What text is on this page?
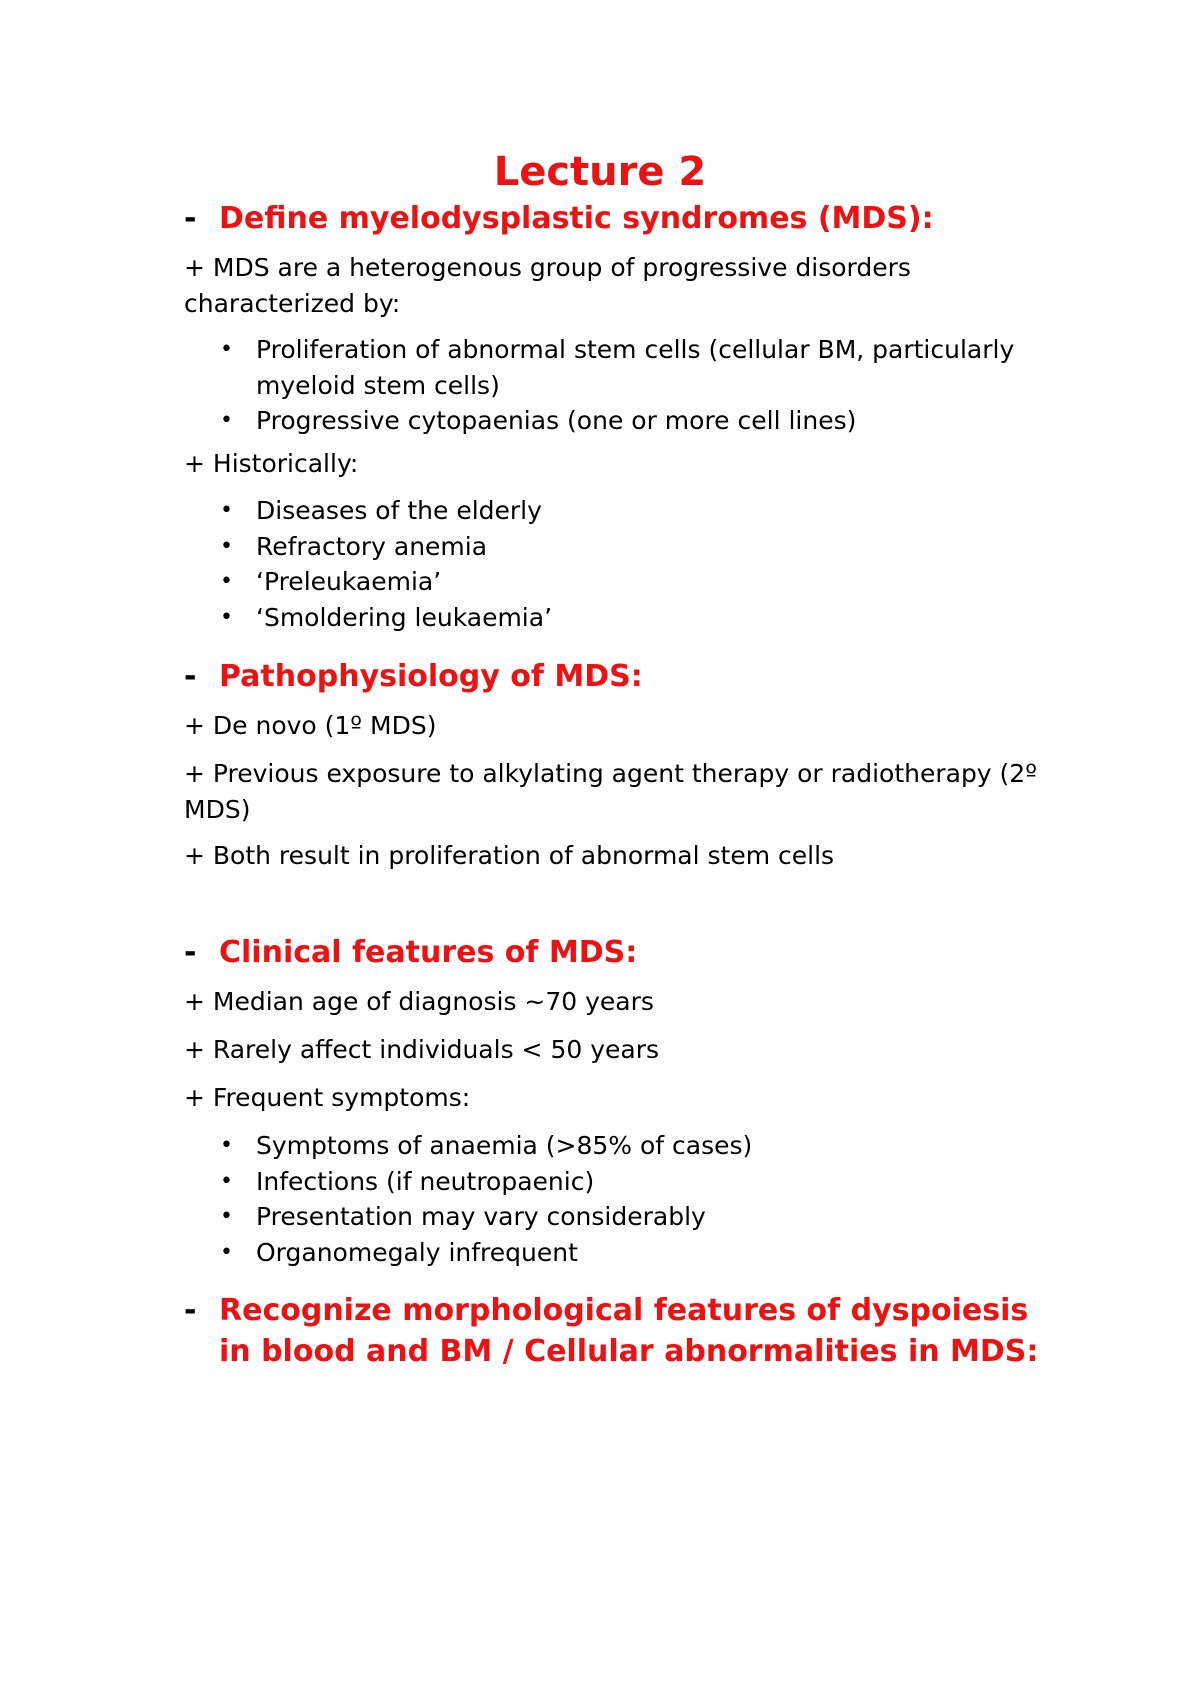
Lecture 2
- Define myelodysplastic syndromes (MDS):

+ MDS are a heterogenous group of progressive disorders characterized by:

• Proliferation of abnormal stem cells (cellular BM, particularly myeloid stem cells)
• Progressive cytopaenias (one or more cell lines)

+ Historically:

• Diseases of the elderly
• Refractory anemia
• ‘Preleukaemia’
• ‘Smoldering leukaemia’
- Pathophysiology of MDS:

+ De novo (1º MDS)

+ Previous exposure to alkylating agent therapy or radiotherapy (2º MDS)

+ Both result in proliferation of abnormal stem cells

- Clinical features of MDS:

+ Median age of diagnosis ~70 years

+ Rarely affect individuals < 50 years

+ Frequent symptoms:

• Symptoms of anaemia (>85% of cases)
• Infections (if neutropaenic)
• Presentation may vary considerably
• Organomegaly infrequent
- Recognize morphological features of dyspoiesis in blood and BM / Cellular abnormalities in MDS:
